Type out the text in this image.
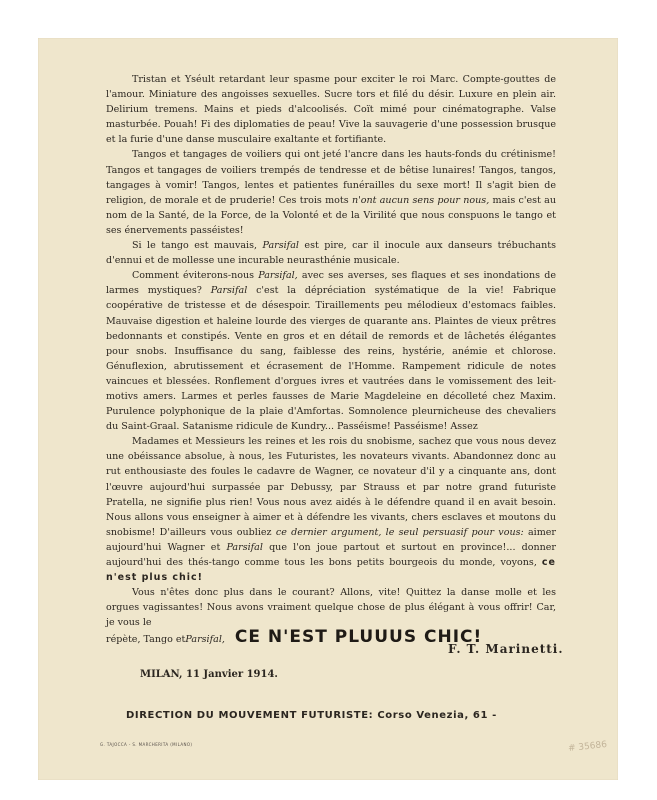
Tristan et Yséult retardant leur spasme pour exciter le roi Marc. Compte-gouttes de l'amour. Miniature des angoisses sexuelles. Sucre tors et filé du désir. Luxure en plein air. Delirium tremens. Mains et pieds d'alcoolisés. Coït mimé pour cinématographe. Valse masturbée. Pouah! Fi des diplomaties de peau! Vive la sauvagerie d'une possession brusque et la furie d'une danse musculaire exaltante et fortifiante.

Tangos et tangages de voiliers qui ont jeté l'ancre dans les hauts-fonds du crétinisme! Tangos et tangages de voiliers trempés de tendresse et de bêtise lunaires! Tangos, tangos, tangages à vomir! Tangos, lentes et patientes funérailles du sexe mort! Il s'agit bien de religion, de morale et de pruderie! Ces trois mots n'ont aucun sens pour nous, mais c'est au nom de la Santé, de la Force, de la Volonté et de la Virilité que nous conspuons le tango et ses énervements passéistes!

Si le tango est mauvais, Parsifal est pire, car il inocule aux danseurs trébuchants d'ennui et de mollesse une incurable neurasthénie musicale.

Comment éviterons-nous Parsifal, avec ses averses, ses flaques et ses inondations de larmes mystiques? Parsifal c'est la dépréciation systématique de la vie! Fabrique coopérative de tristesse et de désespoir. Tiraillements peu mélodieux d'estomacs faibles. Mauvaise digestion et haleine lourde des vierges de quarante ans. Plaintes de vieux prêtres bedonnants et constipés. Vente en gros et en détail de remords et de lâchetés élégantes pour snobs. Insuffisance du sang, faiblesse des reins, hystérie, anémie et chlorose. Génuflexion, abrutissement et écrasement de l'Homme. Rampement ridicule de notes vaincues et blessées. Ronflement d'orgues ivres et vautrées dans le vomissement des leit-motivs amers. Larmes et perles fausses de Marie Magdeleine en décolleté chez Maxim. Purulence polyphonique de la plaie d'Amfortas. Somnolence pleurnicheuse des chevaliers du Saint-Graal. Satanisme ridicule de Kundry... Passéisme! Passéisme! Assez

Madames et Messieurs les reines et les rois du snobisme, sachez que vous nous devez une obéissance absolue, à nous, les Futuristes, les novateurs vivants. Abandonnez donc au rut enthousiaste des foules le cadavre de Wagner, ce novateur d'il y a cinquante ans, dont l'œuvre aujourd'hui surpassée par Debussy, par Strauss et par notre grand futuriste Pratella, ne signifie plus rien! Vous nous avez aidés à le défendre quand il en avait besoin. Nous allons vous enseigner à aimer et à défendre les vivants, chers esclaves et moutons du snobisme! D'ailleurs vous oubliez ce dernier argument, le seul persuasif pour vous: aimer aujourd'hui Wagner et Parsifal que l'on joue partout et surtout en province!... donner aujourd'hui des thés-tango comme tous les bons petits bourgeois du monde, voyons, ce n'est plus chic!

Vous n'êtes donc plus dans le courant? Allons, vite! Quittez la danse molle et les orgues vagissantes! Nous avons vraiment quelque chose de plus élégant à vous offrir! Car, je vous le

répète, Tango et Parsifal, CE N'EST PLUUUS CHIC!

F. T. Marinetti.
MILAN, 11 Janvier 1914.
DIRECTION DU MOUVEMENT FUTURISTE: Corso Venezia, 61 -
G. TAJOCCA - S. MARCHERITA (MILANO)	# 35686
